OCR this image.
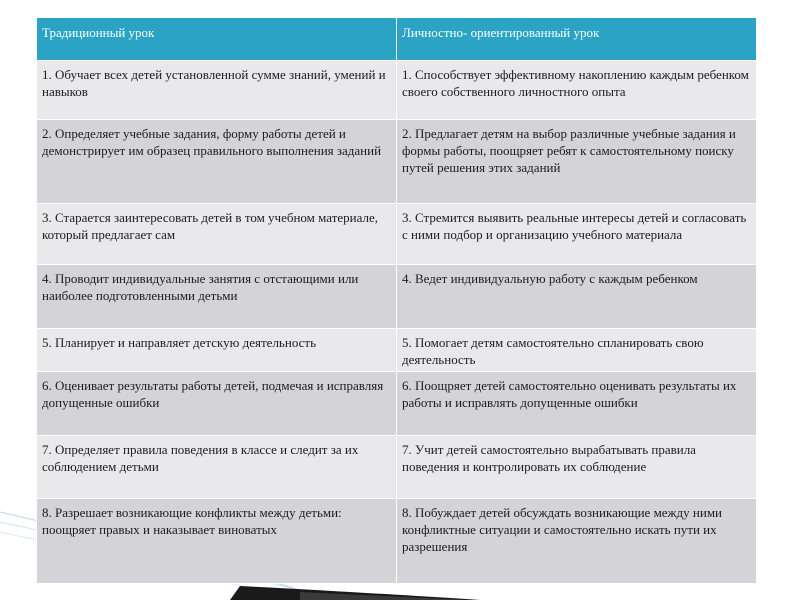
Традиционный урок	Личностно- ориентированный урок
1. Обучает всех детей установленной сумме знаний, умений и навыков	1. Способствует эффективному накоплению каждым ребенком своего собственного личностного опыта
2. Определяет учебные задания, форму работы детей и демонстрирует им образец правильного выполнения заданий	2. Предлагает детям на выбор различные учебные задания и формы работы, поощряет ребят к самостоятельному поиску путей решения этих заданий
3. Старается заинтересовать детей в том учебном материале, который предлагает сам	3. Стремится выявить реальные интересы детей и согласовать с ними подбор и организацию учебного материала
4. Проводит индивидуальные занятия с отстающими или наиболее подготовленными детьми	4. Ведет индивидуальную работу с каждым ребенком
5. Планирует и направляет детскую деятельность	5. Помогает детям самостоятельно спланировать свою деятельность
6. Оценивает результаты работы детей, подмечая и исправляя допущенные ошибки	6. Поощряет детей самостоятельно оценивать результаты их работы и исправлять допущенные ошибки
7. Определяет правила поведения в классе и следит за их соблюдением детьми	7. Учит детей самостоятельно вырабатывать правила поведения и контролировать их соблюдение
8. Разрешает возникающие конфликты между детьми: поощряет правых и наказывает виноватых	8. Побуждает детей обсуждать возникающие между ними конфликтные ситуации и самостоятельно искать пути их разрешения
